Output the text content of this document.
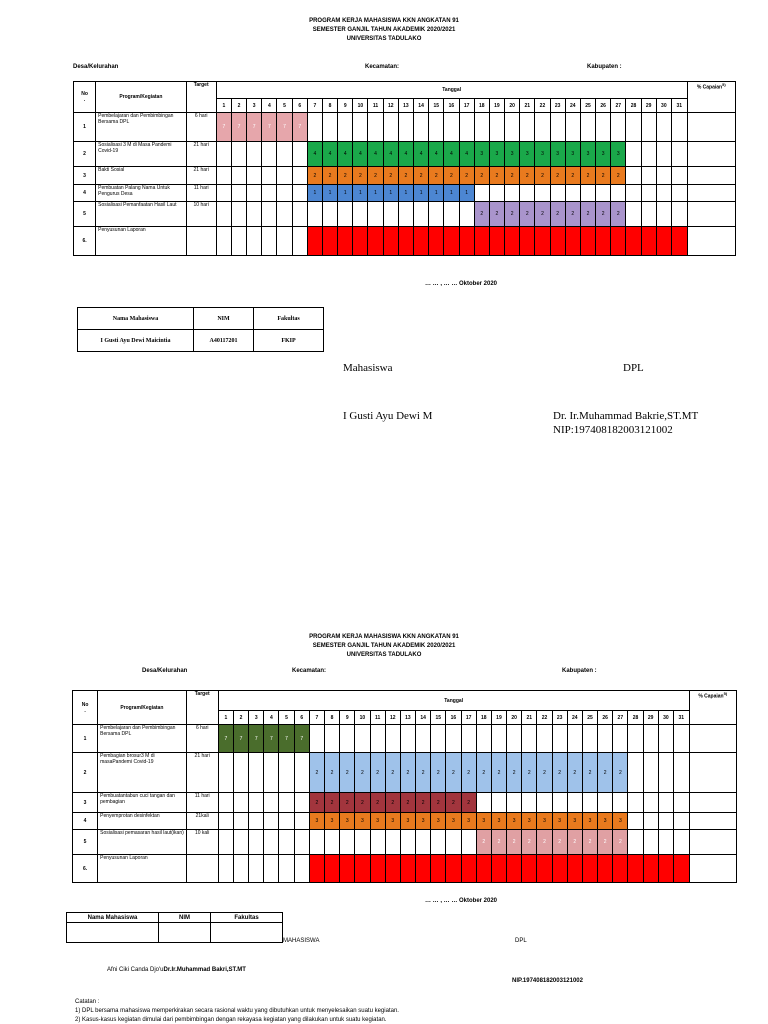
PROGRAM KERJA MAHASISWA KKN ANGKATAN 91
SEMESTER GANJIL TAHUN AKADEMIK 2020/2021
UNIVERSITAS TADULAKO
Desa/Kelurahan	Kecamatan:	Kabupaten :
No
.	Program/Kegiatan	Target	Tanggal																															% Capaian$^{5)}$
			1	2	3	4	5	6	7	8	9	10	11	12	13	14	15	16	17	18	19	20	21	22	23	24	25	26	27	28	29	30	31	
1	Pembelajaran dan Pembimbingan Bersama DPL	6 hari	7	7	7	7	7	7																										
2	Sosialisasi 3 M di Masa Pandemi Covid-19	21 hari							4	4	4	4	4	4	4	4	4	4	4	3	3	3	3	3	3	3	3	3	3					
3	Bakti Sosial	21 hari							2	2	2	2	2	2	2	2	2	2	2	2	2	2	2	2	2	2	2	2	2					
4	Pembuatan Palang Nama Untuk Pengurus Desa	11 hari							1	1	1	1	1	1	1	1	1	1	1															
5	Sosialisasi Pemanfaatan Hasil Laut	10 hari																		2	2	2	2	2	2	2	2	2	2					
6.	Penyusunan Laporan																																	
… … , … … Oktober 2020
Nama Mahasiswa	NIM	Fakultas
I Gusti Ayu Dewi Maicintia	A40117201	FKIP
Mahasiswa	DPL
I Gusti Ayu Dewi M	Dr. Ir.Muhammad Bakrie,ST.MT
NIP:197408182003121002
PROGRAM KERJA MAHASISWA KKN ANGKATAN 91
SEMESTER GANJIL TAHUN AKADEMIK 2020/2021
UNIVERSITAS TADULAKO
Desa/Kelurahan	Kecamatan:	Kabupaten :
No
.	Program/Kegiatan	Target	Tanggal																															% Capaian$^{5)}$
			1	2	3	4	5	6	7	8	9	10	11	12	13	14	15	16	17	18	19	20	21	22	23	24	25	26	27	28	29	30	31	
1	Pembelajaran dan Pembimbingan Bersama DPL	6 hari	7	7	7	7	7	7																										
2	Pembagian brosur3 M di masaPandemi Covid-19	21 hari							2	2	2	2	2	2	2	2	2	2	2	2	2	2	2	2	2	2	2	2	2					
3	Pembuatantabun cuci tangan dan pembagian	11 hari							2	2	2	2	2	2	2	2	2	2	2															
4	Penyemprotan desinfektan	21kali							3	3	3	3	3	3	3	3	3	3	3	3	3	3	3	3	3	3	3	3	3					
5	Sosialisasi pemasaran hasil laut(ikan)	10 kali																		2	2	2	2	2	2	2	2	2	2					
6.	Penyusunan Laporan																																	
… … , … … Oktober 2020
Nama Mahasiswa	NIM	Fakultas

MAHASISWA	DPL
Afni Ciki Canda Djo'uDr.Ir.Muhammad Bakri,ST.MT
NIP.197408182003121002
Catatan :
1) DPL bersama mahasiswa memperkirakan secara rasional waktu yang dibutuhkan untuk menyelesaikan suatu kegiatan.
2) Kasus-kasus kegiatan dimulai dari pembimbingan dengan rekayasa kegiatan yang dilakukan untuk suatu kegiatan.
